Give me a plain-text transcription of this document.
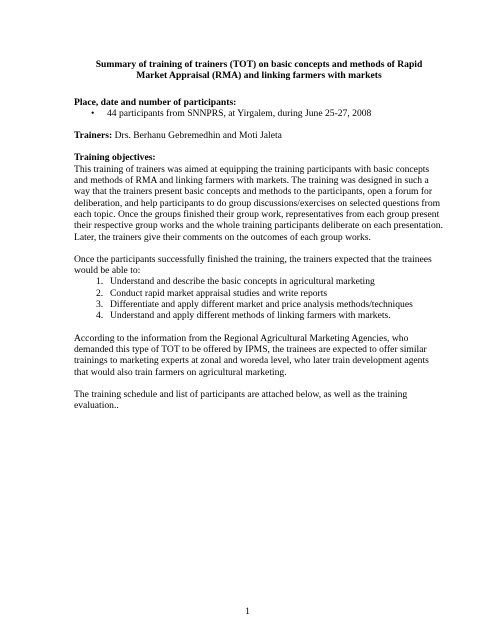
Summary of training of trainers (TOT) on basic concepts and methods of Rapid

Market Appraisal (RMA) and linking farmers with markets

Place, date and number of participants:

• 44 participants from SNNPRS, at Yirgalem, during June 25-27, 2008

Trainers: Drs. Berhanu Gebremedhin and Moti Jaleta

Training objectives:

This training of trainers was aimed at equipping the training participants with basic concepts and methods of RMA and linking farmers with markets. The training was designed in such a way that the trainers present basic concepts and methods to the participants, open a forum for deliberation, and help participants to do group discussions/exercises on selected questions from each topic. Once the groups finished their group work, representatives from each group present their respective group works and the whole training participants deliberate on each presentation. Later, the trainers give their comments on the outcomes of each group works.

Once the participants successfully finished the training, the trainers expected that the trainees would be able to:

1. Understand and describe the basic concepts in agricultural marketing
2. Conduct rapid market appraisal studies and write reports
3. Differentiate and apply different market and price analysis methods/techniques
4. Understand and apply different methods of linking farmers with markets.

According to the information from the Regional Agricultural Marketing Agencies, who demanded this type of TOT to be offered by IPMS, the trainees are expected to offer similar trainings to marketing experts at zonal and woreda level, who later train development agents that would also train farmers on agricultural marketing.

The training schedule and list of participants are attached below, as well as the training evaluation..

1
